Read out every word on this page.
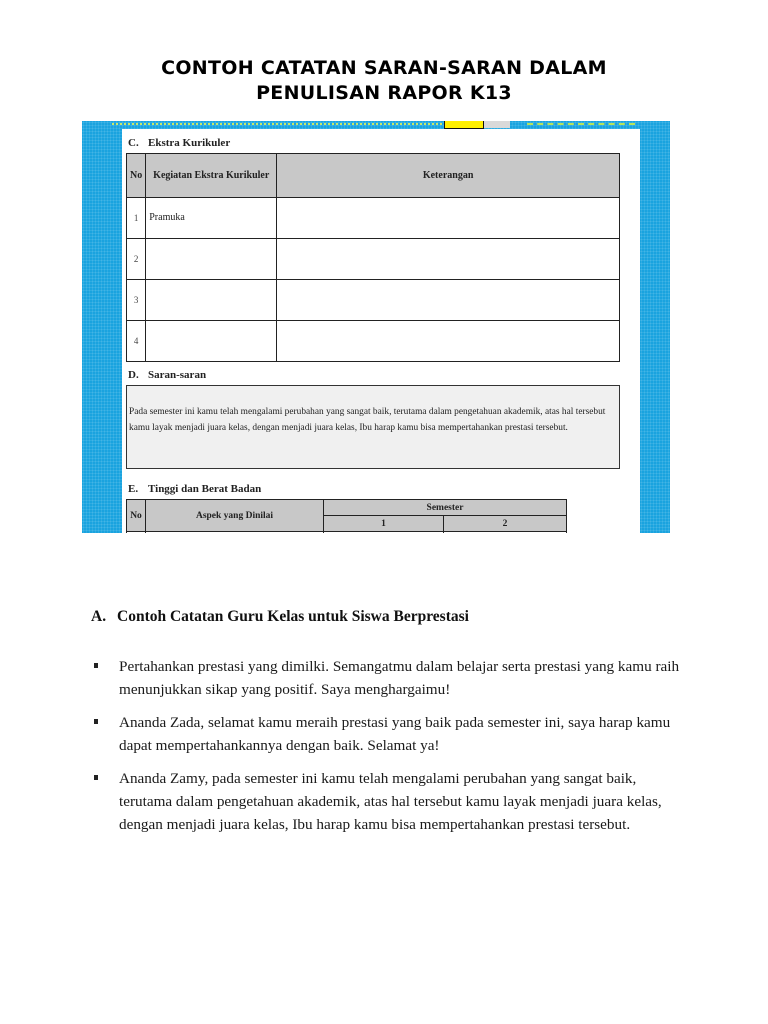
CONTOH CATATAN SARAN-SARAN DALAM
PENULISAN RAPOR K13
C. Ekstra Kurikuler
No	Kegiatan Ekstra Kurikuler	Keterangan
1	Pramuka	
2		
3		
4		
D. Saran-saran
Pada semester ini kamu telah mengalami perubahan yang sangat baik, terutama dalam pengetahuan akademik, atas hal tersebut kamu layak menjadi juara kelas, dengan menjadi juara kelas, Ibu harap kamu bisa mempertahankan prestasi tersebut.
E. Tinggi dan Berat Badan
No	Aspek yang Dinilai	Semester	
		1	2

A. Contoh Catatan Guru Kelas untuk Siswa Berprestasi
Pertahankan prestasi yang dimilki. Semangatmu dalam belajar serta prestasi yang kamu raih menunjukkan sikap yang positif. Saya menghargaimu!
Ananda Zada, selamat kamu meraih prestasi yang baik pada semester ini, saya harap kamu dapat mempertahankannya dengan baik. Selamat ya!
Ananda Zamy, pada semester ini kamu telah mengalami perubahan yang sangat baik, terutama dalam pengetahuan akademik, atas hal tersebut kamu layak menjadi juara kelas, dengan menjadi juara kelas, Ibu harap kamu bisa mempertahankan prestasi tersebut.
